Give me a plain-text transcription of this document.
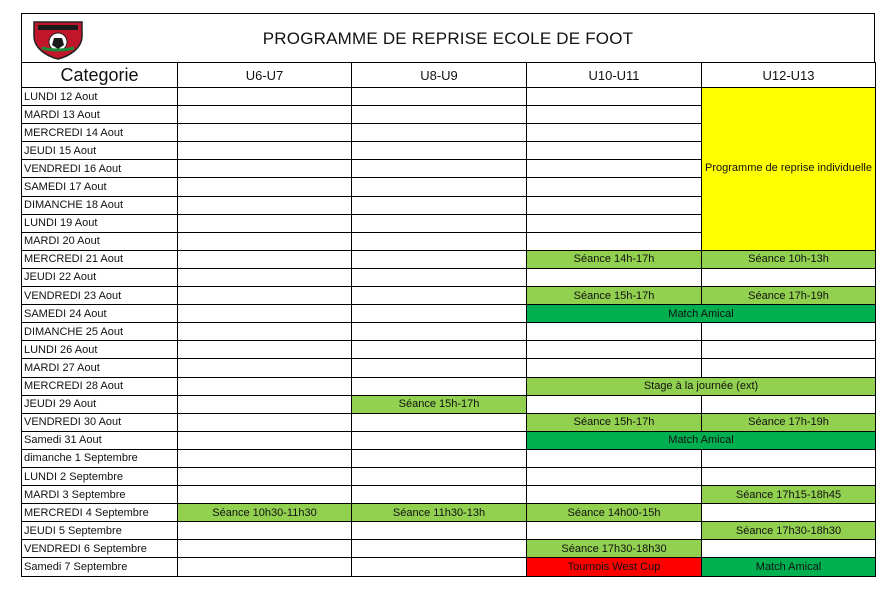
PROGRAMME DE REPRISE ECOLE DE FOOT
Categorie	U6-U7	U8-U9	U10-U11	U12-U13
LUNDI 12 Aout				Programme de reprise individuelle
MARDI 13 Aout				
MERCREDI 14 Aout				
JEUDI 15 Aout				
VENDREDI 16 Aout				
SAMEDI 17 Aout				
DIMANCHE 18 Aout				
LUNDI 19 Aout				
MARDI 20 Aout				
MERCREDI 21 Aout			Séance 14h-17h	Séance 10h-13h
JEUDI 22 Aout				
VENDREDI 23 Aout			Séance 15h-17h	Séance 17h-19h
SAMEDI 24 Aout			Match Amical	
DIMANCHE 25 Aout				
LUNDI 26 Aout				
MARDI 27 Aout				
MERCREDI 28 Aout			Stage à la journée (ext)	
JEUDI 29 Aout		Séance 15h-17h		
VENDREDI 30 Aout			Séance 15h-17h	Séance 17h-19h
Samedi 31 Aout			Match Amical	
dimanche 1 Septembre				
LUNDI 2 Septembre				
MARDI 3 Septembre				Séance 17h15-18h45
MERCREDI 4 Septembre	Séance 10h30-11h30	Séance 11h30-13h	Séance 14h00-15h	
JEUDI 5 Septembre				Séance 17h30-18h30
VENDREDI 6 Septembre			Séance 17h30-18h30	
Samedi 7 Septembre			Tournois West Cup	Match Amical
